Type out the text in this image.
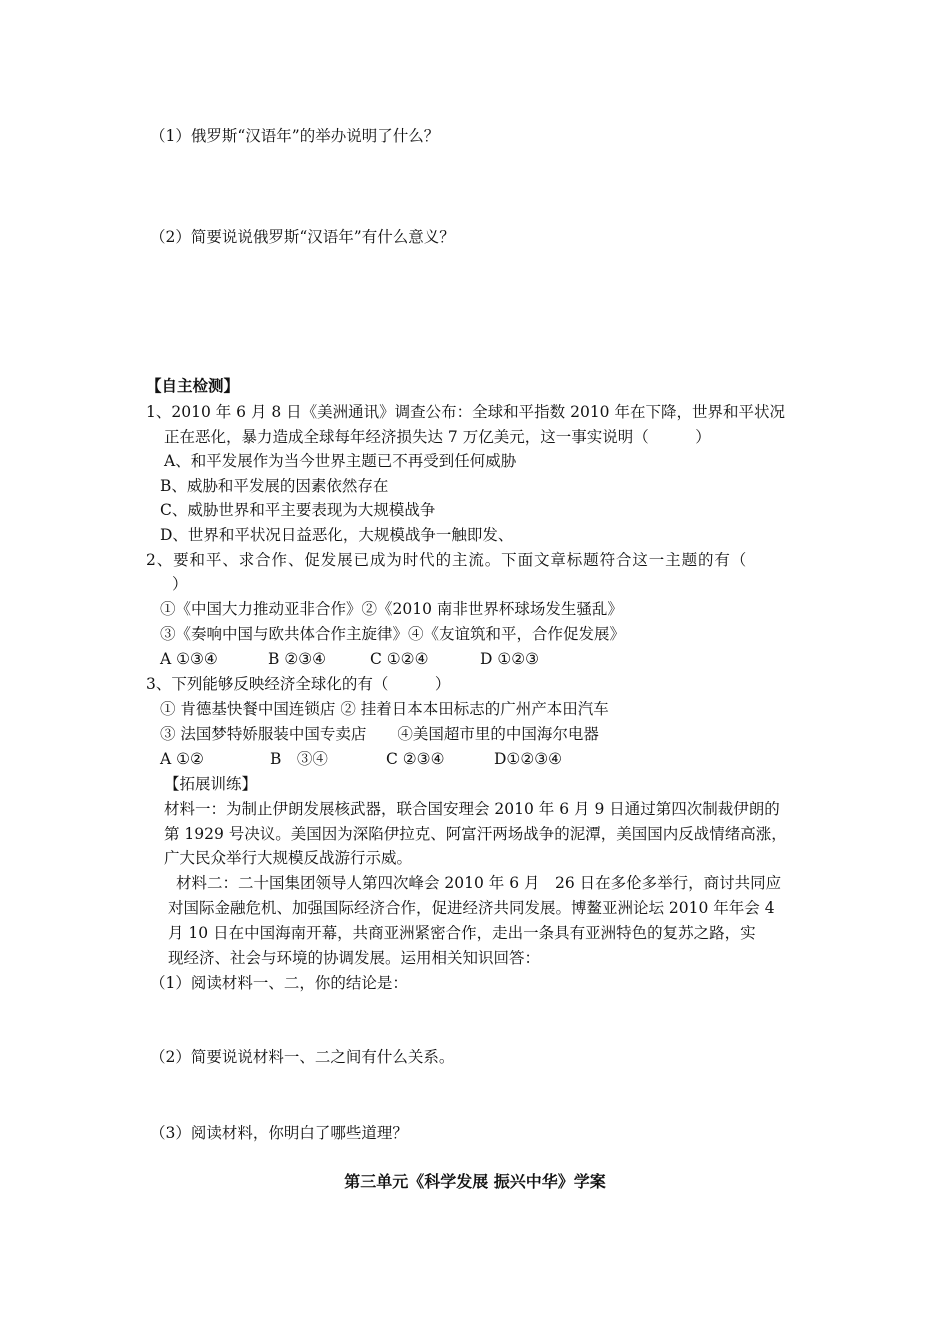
（1）俄罗斯“汉语年”的举办说明了什么？
（2）简要说说俄罗斯“汉语年”有什么意义？
【自主检测】
1、2010 年 6 月 8 日《美洲通讯》调查公布：全球和平指数 2010 年在下降，世界和平状况
正在恶化，暴力造成全球每年经济损失达 7 万亿美元，这一事实说明（　　　）
A、和平发展作为当今世界主题已不再受到任何威胁
B、威胁和平发展的因素依然存在
C、威胁世界和平主要表现为大规模战争
D、世界和平状况日益恶化，大规模战争一触即发、
2、要和平、求合作、促发展已成为时代的主流。下面文章标题符合这一主题的有（
）
①《中国大力推动亚非合作》②《2010 南非世界杯球场发生骚乱》
③《奏响中国与欧共体合作主旋律》④《友谊筑和平，合作促发展》
A ①③④	B ②③④	C ①②④	D ①②③
3、下列能够反映经济全球化的有（　　　）
① 肯德基快餐中国连锁店 ② 挂着日本本田标志的广州产本田汽车
③ 法国梦特娇服装中国专卖店　　④美国超市里的中国海尔电器
A ①②	B　③④	C ②③④	D①②③④
【拓展训练】
材料一：为制止伊朗发展核武器，联合国安理会 2010 年 6 月 9 日通过第四次制裁伊朗的
第 1929 号决议。美国因为深陷伊拉克、阿富汗两场战争的泥潭，美国国内反战情绪高涨，
广大民众举行大规模反战游行示威。
材料二：二十国集团领导人第四次峰会 2010 年 6 月　26 日在多伦多举行，商讨共同应
对国际金融危机、加强国际经济合作，促进经济共同发展。博鳌亚洲论坛 2010 年年会 4
月 10 日在中国海南开幕，共商亚洲紧密合作，走出一条具有亚洲特色的复苏之路，实
现经济、社会与环境的协调发展。运用相关知识回答：
（1）阅读材料一、二，你的结论是：
（2）简要说说材料一、二之间有什么关系。
（3）阅读材料，你明白了哪些道理？
第三单元《科学发展 振兴中华》学案
